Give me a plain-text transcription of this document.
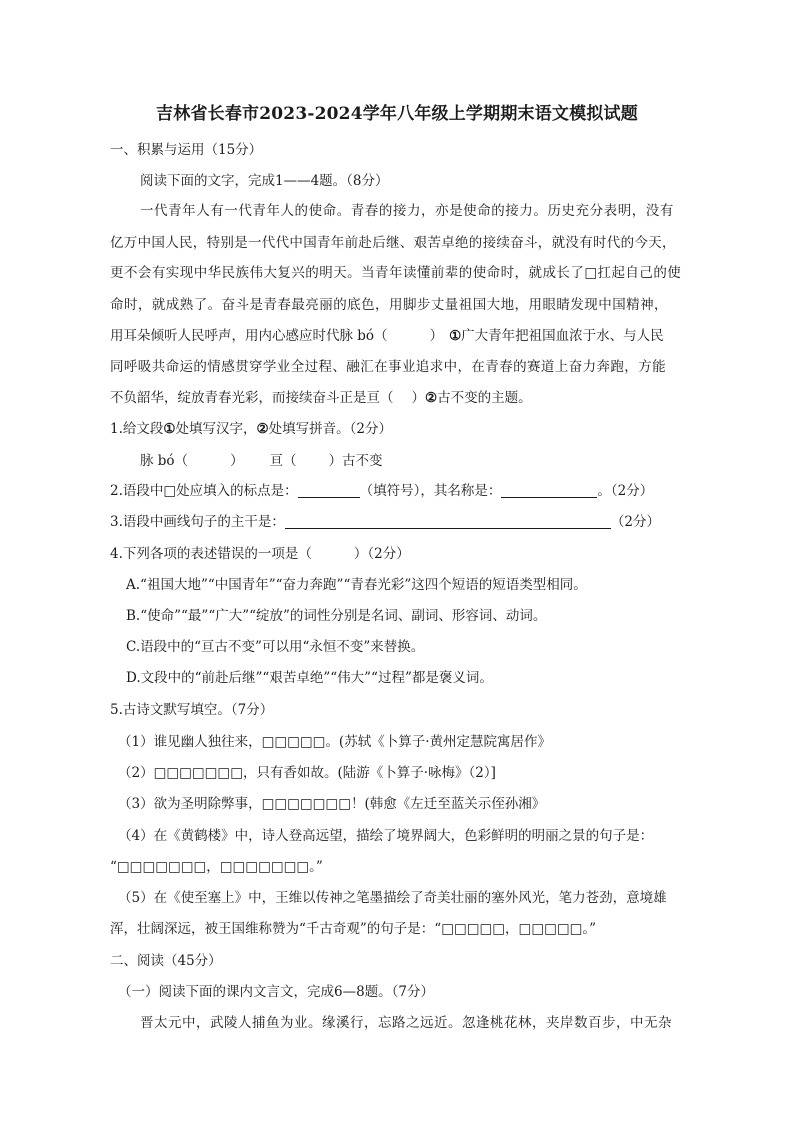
吉林省长春市2023-2024学年八年级上学期期末语文模拟试题
一、积累与运用（15分）
阅读下面的文字，完成1——4题。（8分）
一代青年人有一代青年人的使命。青春的接力，亦是使命的接力。历史充分表明，没有
亿万中国人民，特别是一代代中国青年前赴后继、艰苦卓绝的接续奋斗，就没有时代的今天，
更不会有实现中华民族伟大复兴的明天。当青年读懂前辈的使命时，就成长了□扛起自己的使
命时，就成熟了。奋斗是青春最亮丽的底色，用脚步丈量祖国大地，用眼睛发现中国精神，
用耳朵倾听人民呼声，用内心感应时代脉 bó（	） ①广大青年把祖国血浓于水、与人民
同呼吸共命运的情感贯穿学业全过程、融汇在事业追求中，在青春的赛道上奋力奔跑，方能
不负韶华，绽放青春光彩，而接续奋斗正是亘（ ）②古不变的主题。
1.给文段①处填写汉字，②处填写拼音。（2分）
脉 bó（	） 亘（ ）古不变
2.语段中□处应填入的标点是：	（填符号），其名称是：	。（2分）
3.语段中画线句子的主干是：	（2分）
4.下列各项的表述错误的一项是（	）（2分）
A.“祖国大地”“中国青年”“奋力奔跑”“青春光彩”这四个短语的短语类型相同。
B.“使命”“最”“广大”“绽放”的词性分别是名词、副词、形容词、动词。
C.语段中的“亘古不变”可以用“永恒不变”来替换。
D.文段中的“前赴后继”“艰苦卓绝”“伟大”“过程”都是褒义词。
5.古诗文默写填空。（7分）
（1）谁见幽人独往来，□□□□□。(苏轼《卜算子·黄州定慧院寓居作》
（2）□□□□□□□，只有香如故。(陆游《卜算子·咏梅》（2）]
（3）欲为圣明除弊事，□□□□□□□！(韩愈《左迁至蓝关示侄孙湘》
（4）在《黄鹤楼》中，诗人登高远望，描绘了境界阔大，色彩鲜明的明丽之景的句子是：
“□□□□□□□，□□□□□□□。”
（5）在《使至塞上》中，王维以传神之笔墨描绘了奇美壮丽的塞外风光，笔力苍劲，意境雄
浑，壮阔深远，被王国维称赞为“千古奇观”的句子是：“□□□□□，□□□□□。”
二、阅读（45分）
（一）阅读下面的课内文言文，完成6—8题。（7分）
晋太元中，武陵人捕鱼为业。缘溪行，忘路之远近。忽逢桃花林，夹岸数百步，中无杂
